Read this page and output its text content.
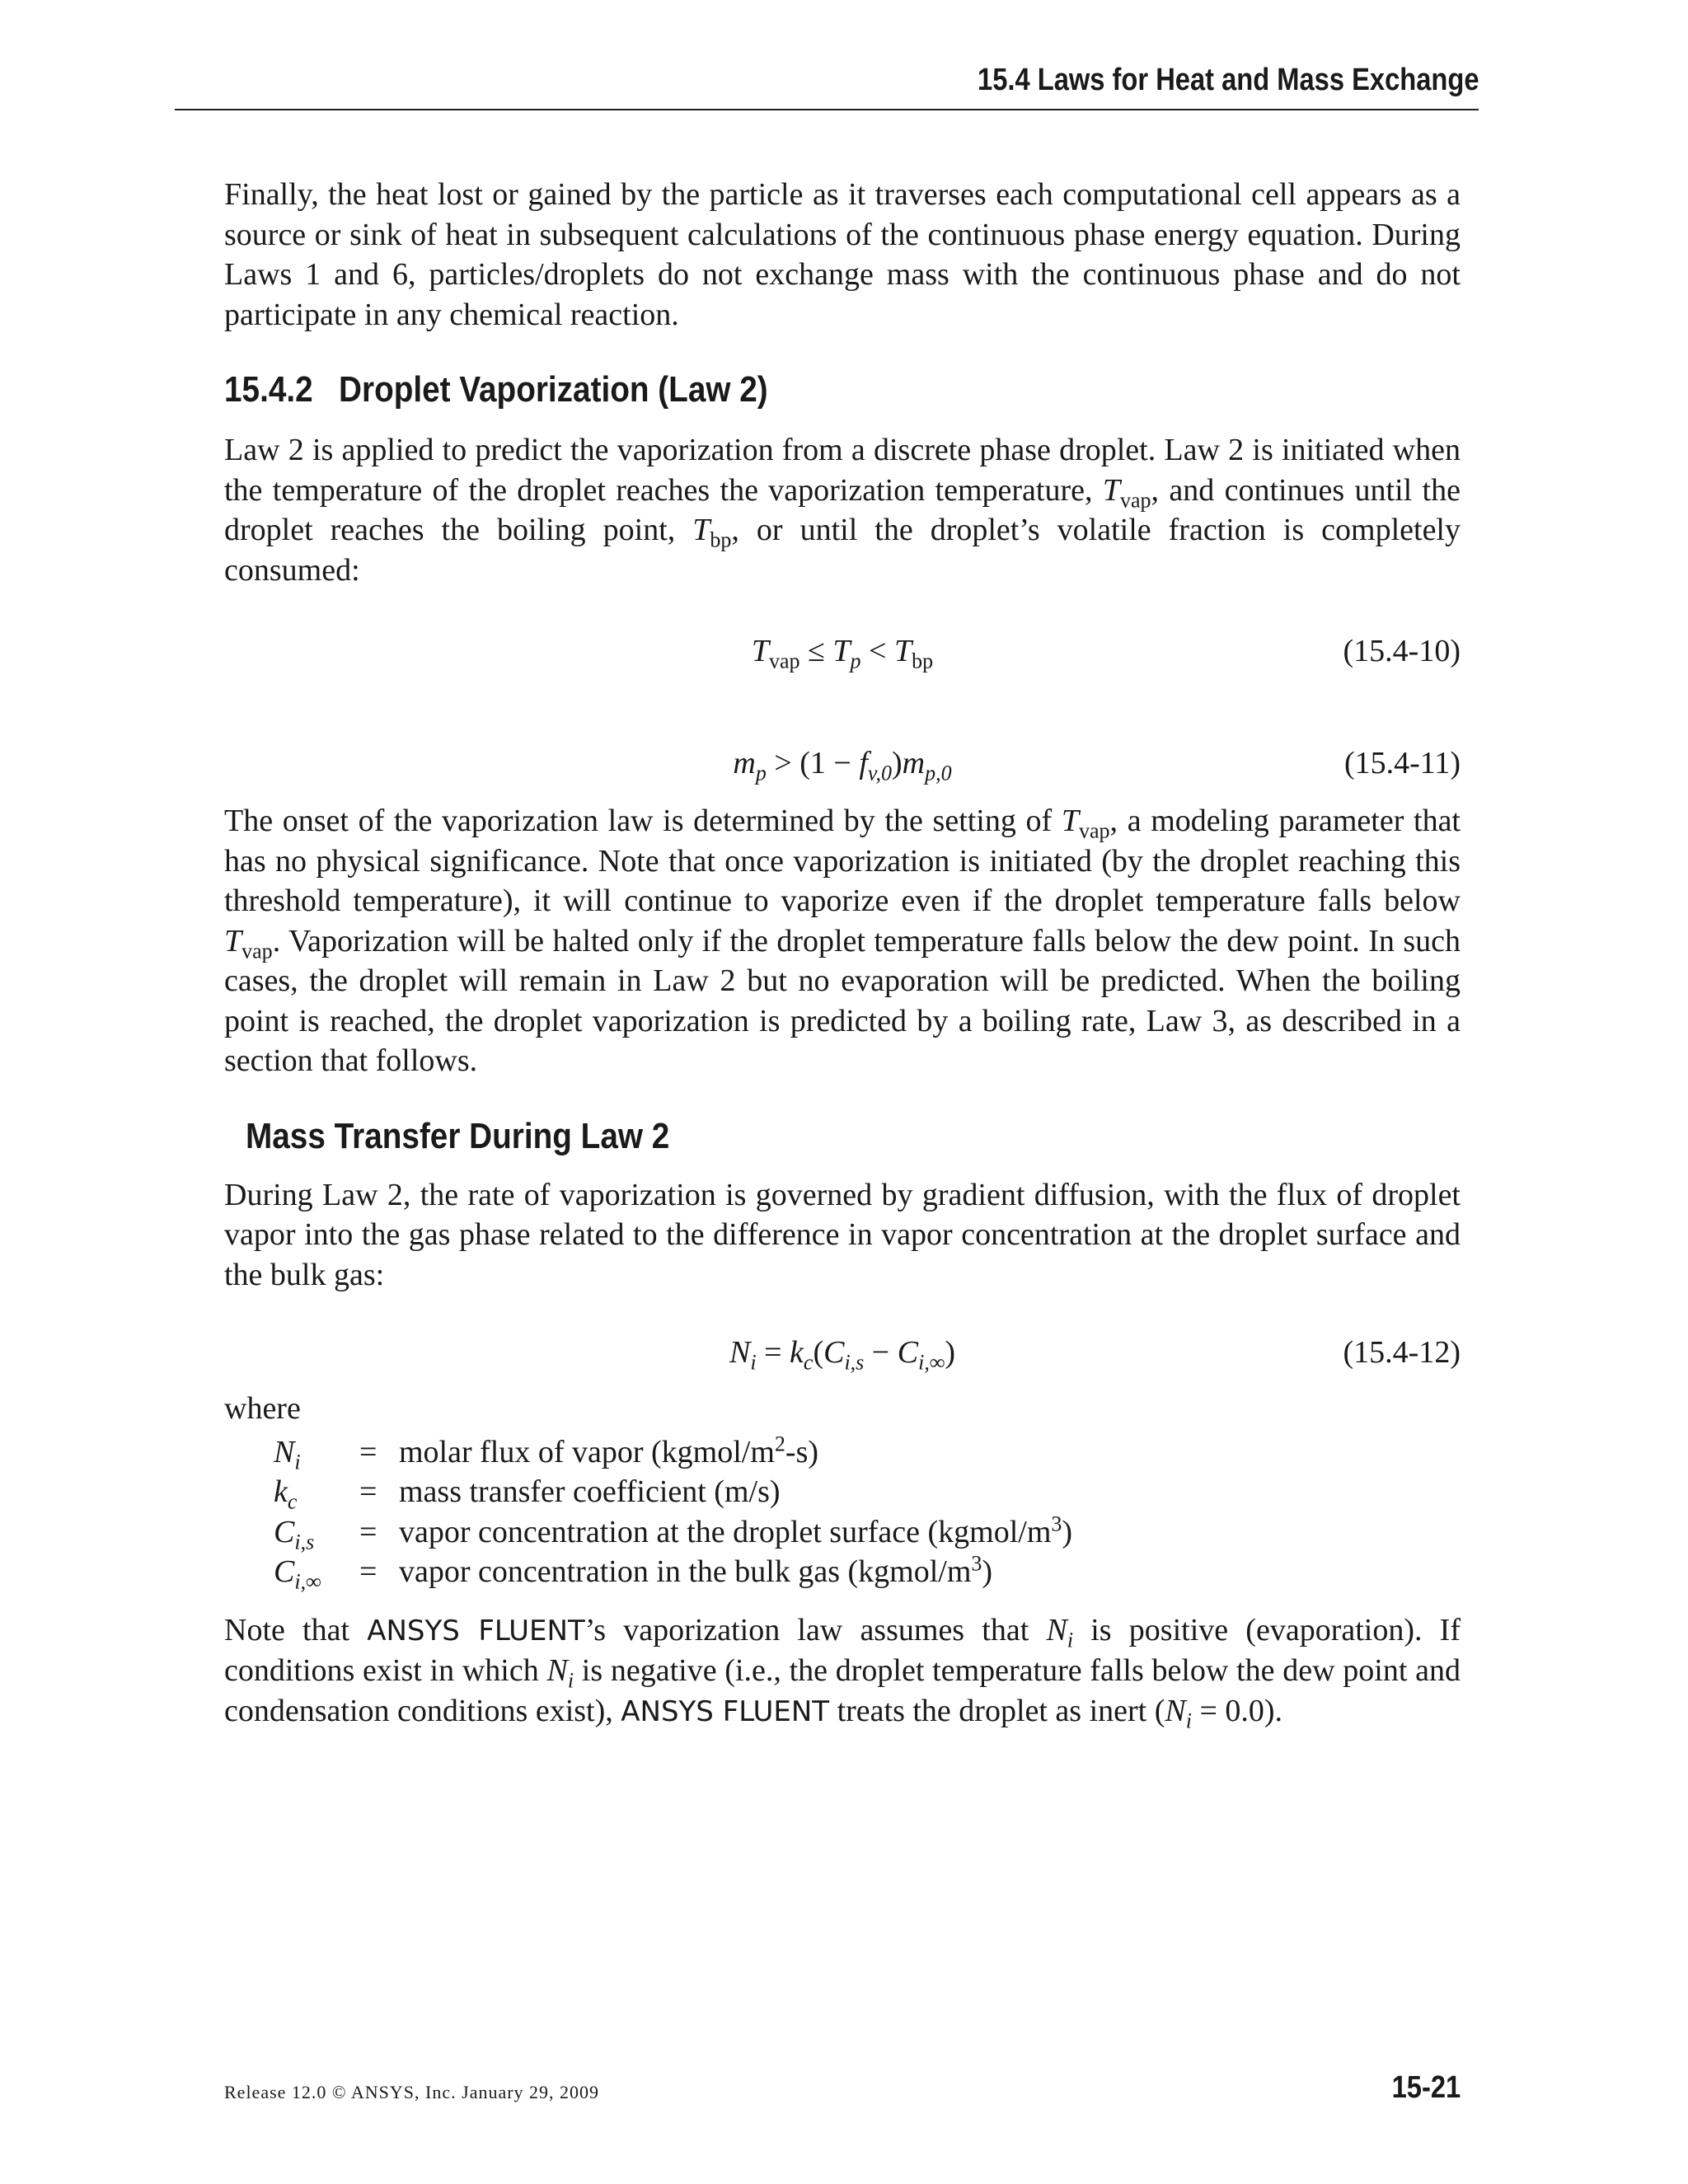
15.4 Laws for Heat and Mass Exchange

Finally, the heat lost or gained by the particle as it traverses each computational cell appears as a source or sink of heat in subsequent calculations of the continuous phase energy equation. During Laws 1 and 6, particles/droplets do not exchange mass with the continuous phase and do not participate in any chemical reaction.

15.4.2 Droplet Vaporization (Law 2)

Law 2 is applied to predict the vaporization from a discrete phase droplet. Law 2 is initiated when the temperature of the droplet reaches the vaporization temperature, $T_{vap}$, and continues until the droplet reaches the boiling point, $T_{bp}$, or until the droplet’s volatile fraction is completely consumed:

$T_{vap} \le T_p < T_{bp}$	(15.4-10)
$m_p > (1 - f_{v,0})m_{p,0}$	(15.4-11)

The onset of the vaporization law is determined by the setting of $T_{vap}$, a modeling parameter that has no physical significance. Note that once vaporization is initiated (by the droplet reaching this threshold temperature), it will continue to vaporize even if the droplet temperature falls below $T_{vap}$. Vaporization will be halted only if the droplet temperature falls below the dew point. In such cases, the droplet will remain in Law 2 but no evaporation will be predicted. When the boiling point is reached, the droplet vaporization is predicted by a boiling rate, Law 3, as described in a section that follows.

Mass Transfer During Law 2

During Law 2, the rate of vaporization is governed by gradient diffusion, with the flux of droplet vapor into the gas phase related to the difference in vapor concentration at the droplet surface and the bulk gas:

$N_i = k_c(C_{i,s} - C_{i,\infty})$	(15.4-12)

where

$N_i$	= molar flux of vapor $(kgmol/m^2-s)$
$k_c$	= mass transfer coefficient (m/s)
$C_{i,s}$	= vapor concentration at the droplet surface $(kgmol/m^3)$
$C_{i,\infty}$	= vapor concentration in the bulk gas $(kgmol/m^3)$

Note that ANSYS FLUENT’s vaporization law assumes that $N_i$ is positive (evaporation). If conditions exist in which $N_i$ is negative (i.e., the droplet temperature falls below the dew point and condensation conditions exist), ANSYS FLUENT treats the droplet as inert $(N_i = 0.0)$.

Release 12.0 © ANSYS, Inc. January 29, 2009	15-21
